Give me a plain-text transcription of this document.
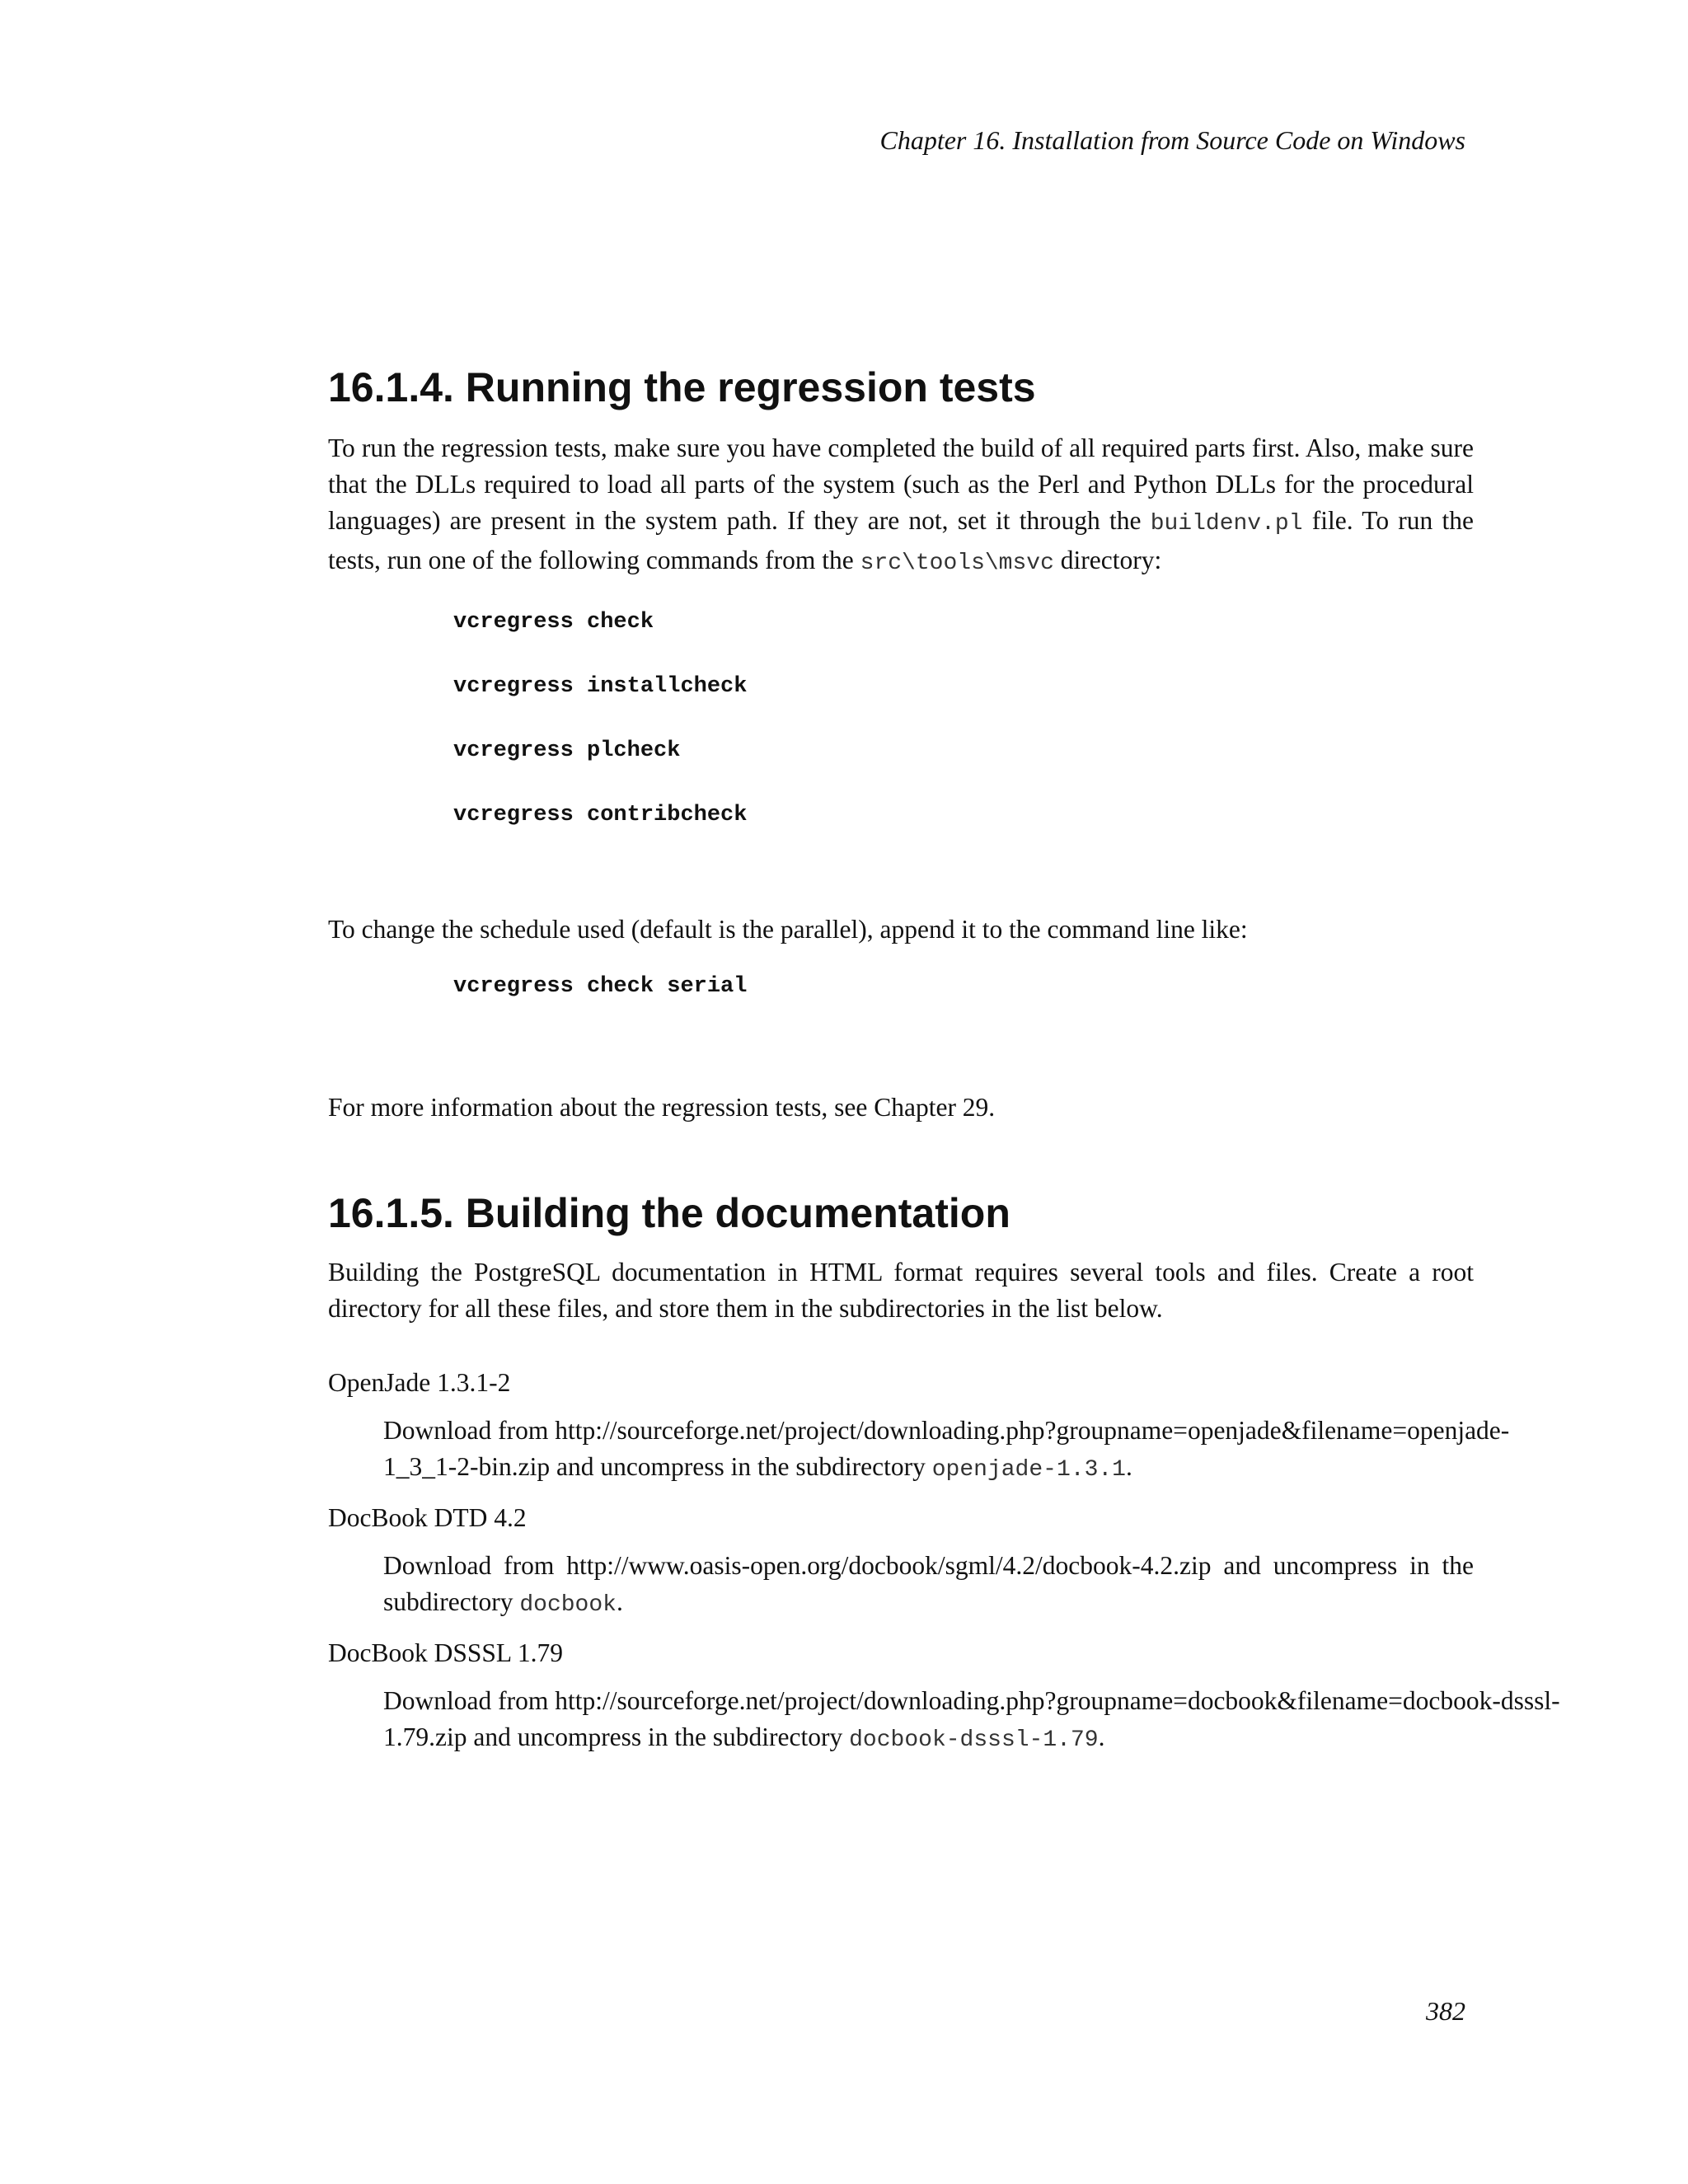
Chapter 16. Installation from Source Code on Windows
16.1.4. Running the regression tests

To run the regression tests, make sure you have completed the build of all required parts first. Also, make sure that the DLLs required to load all parts of the system (such as the Perl and Python DLLs for the procedural languages) are present in the system path. If they are not, set it through the buildenv.pl file. To run the tests, run one of the following commands from the src\tools\msvc directory:

vcregress check
vcregress installcheck
vcregress plcheck
vcregress contribcheck

To change the schedule used (default is the parallel), append it to the command line like:

vcregress check serial

For more information about the regression tests, see Chapter 29.

16.1.5. Building the documentation

Building the PostgreSQL documentation in HTML format requires several tools and files. Create a root directory for all these files, and store them in the subdirectories in the list below.

OpenJade 1.3.1-2
Download from http://sourceforge.net/project/downloading.php?groupname=openjade&filename=openjade-1_3_1-2-bin.zip and uncompress in the subdirectory openjade-1.3.1.
DocBook DTD 4.2
Download from http://www.oasis-open.org/docbook/sgml/4.2/docbook-4.2.zip and uncompress in the subdirectory docbook.
DocBook DSSSL 1.79
Download from http://sourceforge.net/project/downloading.php?groupname=docbook&filename=docbook-dsssl-1.79.zip and uncompress in the subdirectory docbook-dsssl-1.79.
382
